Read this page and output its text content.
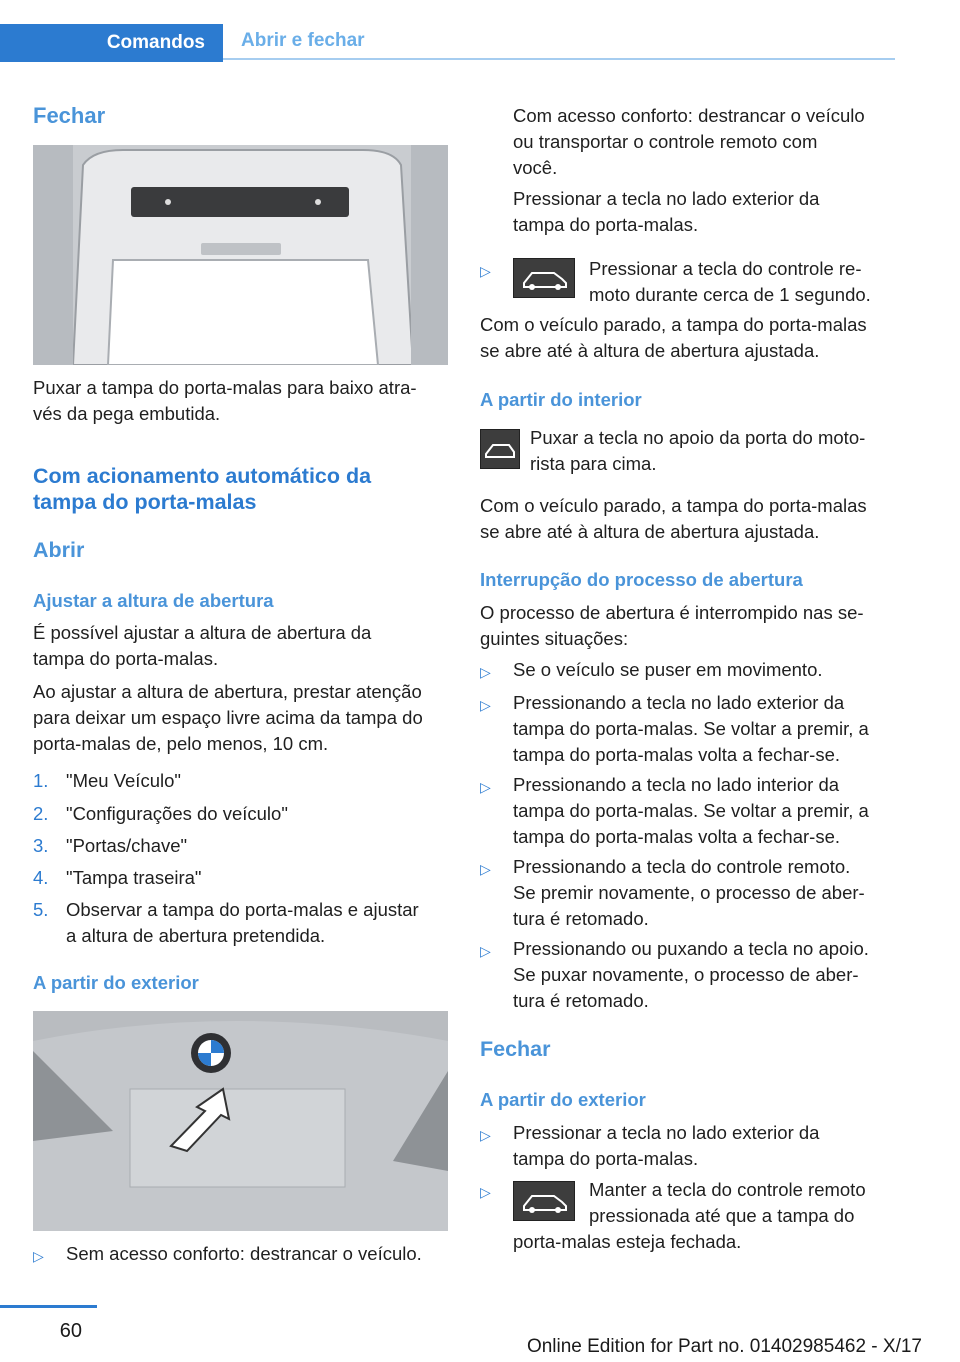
Comandos	Abrir e fechar
Fechar
Puxar a tampa do porta-malas para baixo atra-
vés da pega embutida.
Com acionamento automático da
tampa do porta-malas
Abrir
Ajustar a altura de abertura
É possível ajustar a altura de abertura da
tampa do porta-malas.
Ao ajustar a altura de abertura, prestar atenção
para deixar um espaço livre acima da tampa do
porta-malas de, pelo menos, 10 cm.
1. "Meu Veículo"
2. "Configurações do veículo"
3. "Portas/chave"
4. "Tampa traseira"
5. Observar a tampa do porta-malas e ajustar
a altura de abertura pretendida.
A partir do exterior
▷ Sem acesso conforto: destrancar o veículo.
Com acesso conforto: destrancar o veículo
ou transportar o controle remoto com
você.
Pressionar a tecla no lado exterior da
tampa do porta-malas.
▷	Pressionar a tecla do controle re-
moto durante cerca de 1 segundo.
Com o veículo parado, a tampa do porta-malas
se abre até à altura de abertura ajustada.
A partir do interior
Puxar a tecla no apoio da porta do moto-
rista para cima.
Com o veículo parado, a tampa do porta-malas
se abre até à altura de abertura ajustada.
Interrupção do processo de abertura
O processo de abertura é interrompido nas se-
guintes situações:
▷ Se o veículo se puser em movimento.
▷ Pressionando a tecla no lado exterior da
tampa do porta-malas. Se voltar a premir, a
tampa do porta-malas volta a fechar-se.
▷ Pressionando a tecla no lado interior da
tampa do porta-malas. Se voltar a premir, a
tampa do porta-malas volta a fechar-se.
▷ Pressionando a tecla do controle remoto.
Se premir novamente, o processo de aber-
tura é retomado.
▷ Pressionando ou puxando a tecla no apoio.
Se puxar novamente, o processo de aber-
tura é retomado.
Fechar
A partir do exterior
▷ Pressionar a tecla no lado exterior da
tampa do porta-malas.
▷	Manter a tecla do controle remoto
pressionada até que a tampa do
porta-malas esteja fechada.
60
Online Edition for Part no. 01402985462 - X/17
